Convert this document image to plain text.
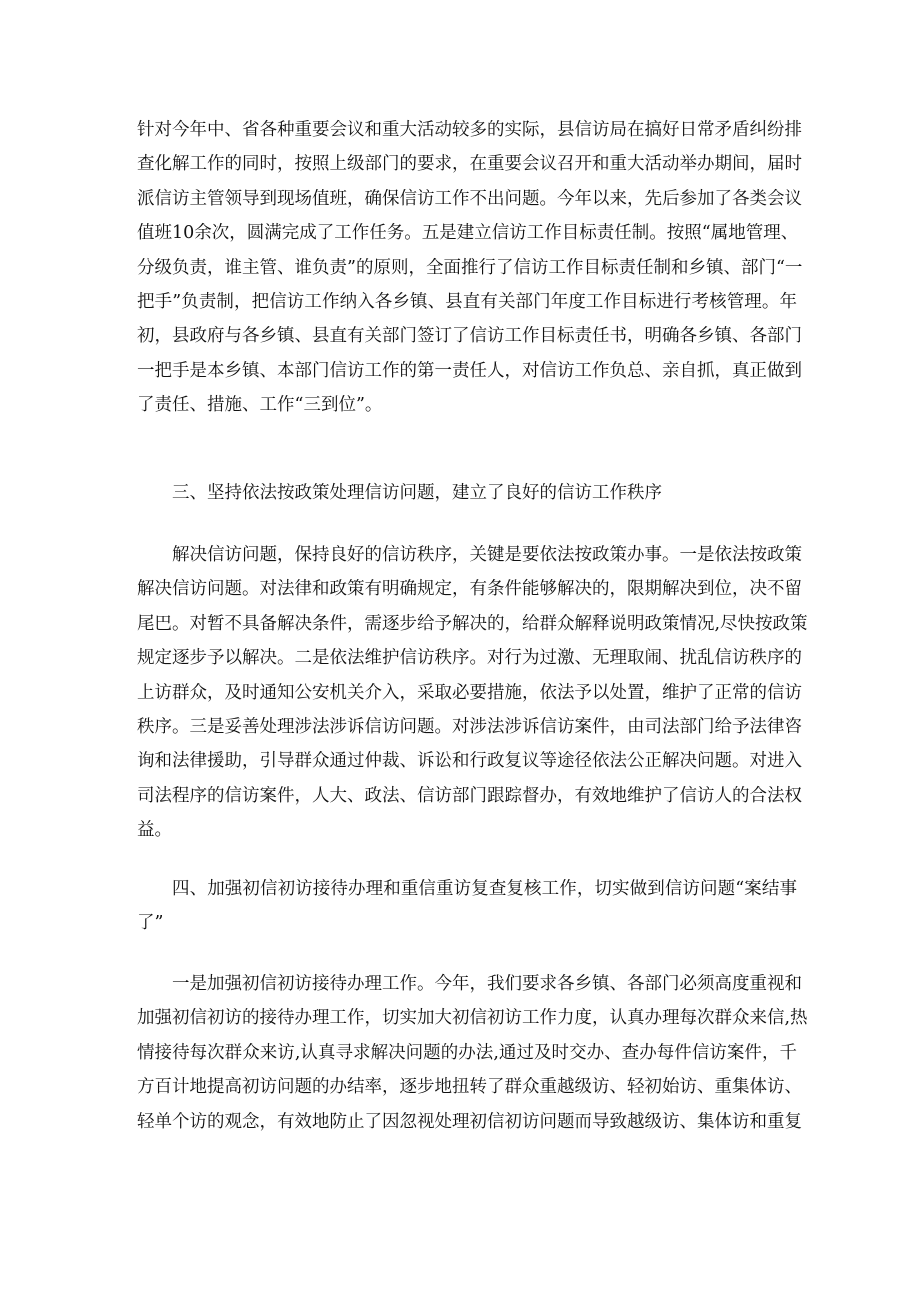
针对今年中、省各种重要会议和重大活动较多的实际，县信访局在搞好日常矛盾纠纷排
查化解工作的同时，按照上级部门的要求，在重要会议召开和重大活动举办期间，届时
派信访主管领导到现场值班，确保信访工作不出问题。今年以来，先后参加了各类会议
值班10余次，圆满完成了工作任务。五是建立信访工作目标责任制。按照“属地管理、
分级负责，谁主管、谁负责”的原则，全面推行了信访工作目标责任制和乡镇、部门“一
把手”负责制，把信访工作纳入各乡镇、县直有关部门年度工作目标进行考核管理。年
初，县政府与各乡镇、县直有关部门签订了信访工作目标责任书，明确各乡镇、各部门
一把手是本乡镇、本部门信访工作的第一责任人，对信访工作负总、亲自抓，真正做到
了责任、措施、工作“三到位”。
三、坚持依法按政策处理信访问题，建立了良好的信访工作秩序
解决信访问题，保持良好的信访秩序，关键是要依法按政策办事。一是依法按政策
解决信访问题。对法律和政策有明确规定，有条件能够解决的，限期解决到位，决不留
尾巴。对暂不具备解决条件，需逐步给予解决的，给群众解释说明政策情况,尽快按政策
规定逐步予以解决。二是依法维护信访秩序。对行为过激、无理取闹、扰乱信访秩序的
上访群众，及时通知公安机关介入，采取必要措施，依法予以处置，维护了正常的信访
秩序。三是妥善处理涉法涉诉信访问题。对涉法涉诉信访案件，由司法部门给予法律咨
询和法律援助，引导群众通过仲裁、诉讼和行政复议等途径依法公正解决问题。对进入
司法程序的信访案件，人大、政法、信访部门跟踪督办，有效地维护了信访人的合法权
益。
四、加强初信初访接待办理和重信重访复查复核工作，切实做到信访问题“案结事
了”
一是加强初信初访接待办理工作。今年，我们要求各乡镇、各部门必须高度重视和
加强初信初访的接待办理工作，切实加大初信初访工作力度，认真办理每次群众来信,热
情接待每次群众来访,认真寻求解决问题的办法,通过及时交办、查办每件信访案件，千
方百计地提高初访问题的办结率，逐步地扭转了群众重越级访、轻初始访、重集体访、
轻单个访的观念，有效地防止了因忽视处理初信初访问题而导致越级访、集体访和重复
